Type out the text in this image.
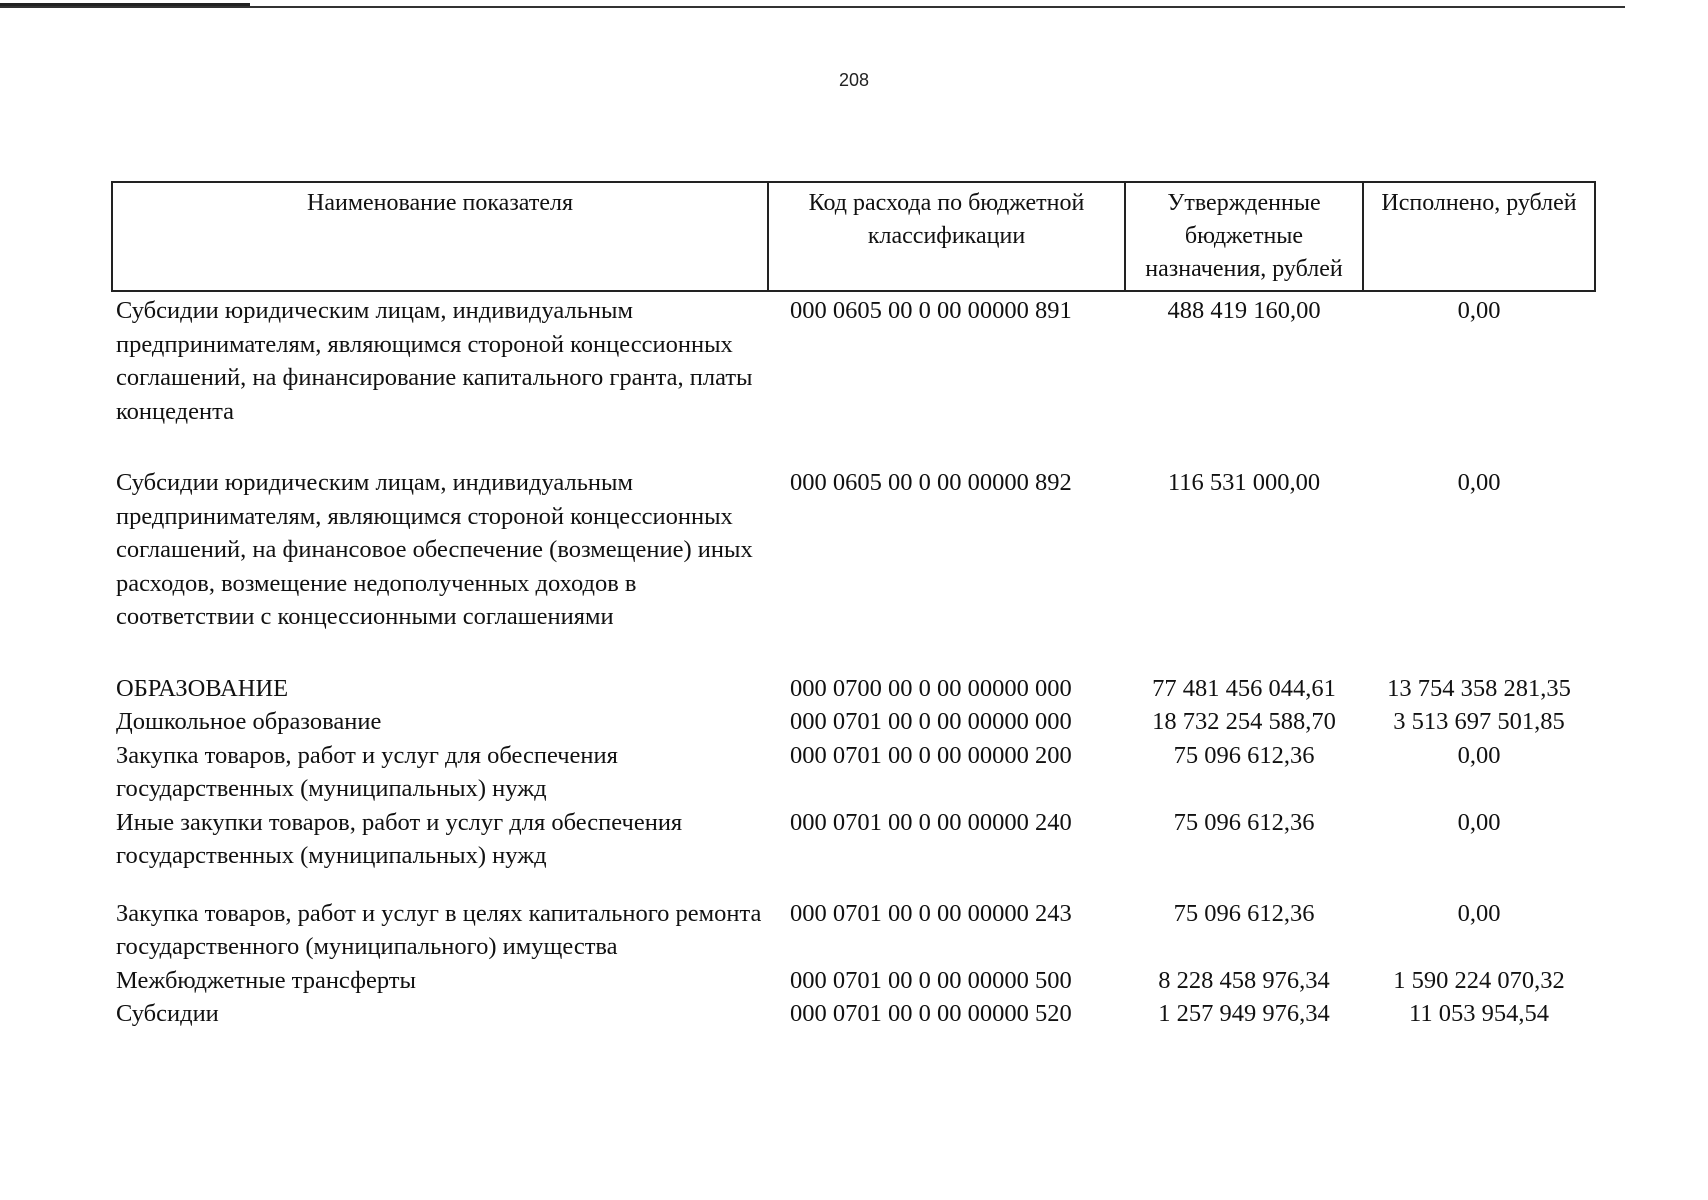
208
Наименование показателя	Код расхода по бюджетной классификации	Утвержденные бюджетные назначения, рублей	Исполнено, рублей
Субсидии юридическим лицам, индивидуальным предпринимателям, являющимся стороной концессионных соглашений, на финансирование капитального гранта, платы концедента	000 0605 00 0 00 00000 891	488 419 160,00	0,00
Субсидии юридическим лицам, индивидуальным предпринимателям, являющимся стороной концессионных соглашений, на финансовое обеспечение (возмещение) иных расходов, возмещение недополученных доходов в соответствии с концессионными соглашениями	000 0605 00 0 00 00000 892	116 531 000,00	0,00
ОБРАЗОВАНИЕ	000 0700 00 0 00 00000 000	77 481 456 044,61	13 754 358 281,35
Дошкольное образование	000 0701 00 0 00 00000 000	18 732 254 588,70	3 513 697 501,85
Закупка товаров, работ и услуг для обеспечения государственных (муниципальных) нужд	000 0701 00 0 00 00000 200	75 096 612,36	0,00
Иные закупки товаров, работ и услуг для обеспечения государственных (муниципальных) нужд	000 0701 00 0 00 00000 240	75 096 612,36	0,00
Закупка товаров, работ и услуг в целях капитального ремонта государственного (муниципального) имущества	000 0701 00 0 00 00000 243	75 096 612,36	0,00
Межбюджетные трансферты	000 0701 00 0 00 00000 500	8 228 458 976,34	1 590 224 070,32
Субсидии	000 0701 00 0 00 00000 520	1 257 949 976,34	11 053 954,54
